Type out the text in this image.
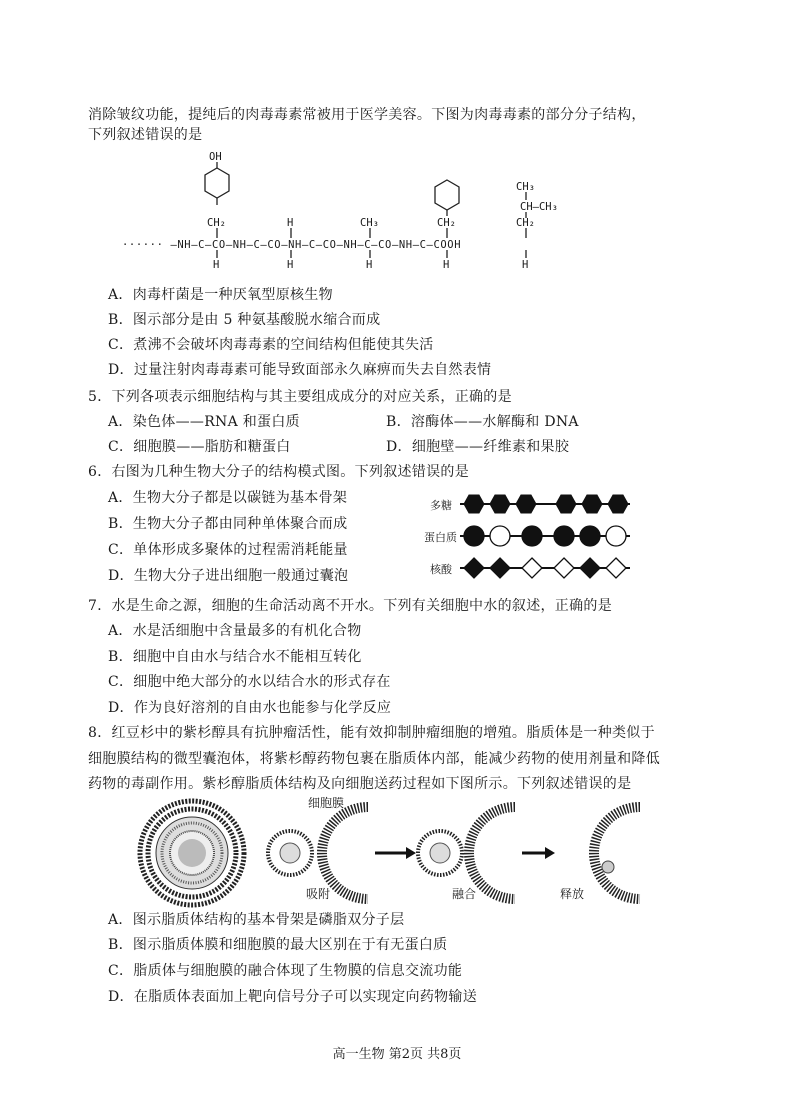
消除皱纹功能，提纯后的肉毒毒素常被用于医学美容。下图为肉毒毒素的部分分子结构，
下列叙述错误的是
OH
CH₂	H	CH₃	CH₂
CH₃
CH—CH₃
CH₂
······ —NH—C—CO—NH—C—CO—NH—C—CO—NH—C—CO—NH—C—COOH
H	H	H	H	H
A．肉毒杆菌是一种厌氧型原核生物
B．图示部分是由 5 种氨基酸脱水缩合而成
C．煮沸不会破坏肉毒毒素的空间结构但能使其失活
D．过量注射肉毒毒素可能导致面部永久麻痹而失去自然表情
5．下列各项表示细胞结构与其主要组成成分的对应关系，正确的是
A．染色体——RNA 和蛋白质	B．溶酶体——水解酶和 DNA
C．细胞膜——脂肪和糖蛋白	D．细胞壁——纤维素和果胶
6．右图为几种生物大分子的结构模式图。下列叙述错误的是
A．生物大分子都是以碳链为基本骨架
B．生物大分子都由同种单体聚合而成
C．单体形成多聚体的过程需消耗能量
D．生物大分子进出细胞一般通过囊泡
多糖
蛋白质
核酸
7．水是生命之源，细胞的生命活动离不开水。下列有关细胞中水的叙述，正确的是
A．水是活细胞中含量最多的有机化合物
B．细胞中自由水与结合水不能相互转化
C．细胞中绝大部分的水以结合水的形式存在
D．作为良好溶剂的自由水也能参与化学反应
8．红豆杉中的紫杉醇具有抗肿瘤活性，能有效抑制肿瘤细胞的增殖。脂质体是一种类似于
细胞膜结构的微型囊泡体，将紫杉醇药物包裹在脂质体内部，能减少药物的使用剂量和降低
药物的毒副作用。紫杉醇脂质体结构及向细胞送药过程如下图所示。下列叙述错误的是
细胞膜
吸附	融合	释放
A．图示脂质体结构的基本骨架是磷脂双分子层
B．图示脂质体膜和细胞膜的最大区别在于有无蛋白质
C．脂质体与细胞膜的融合体现了生物膜的信息交流功能
D．在脂质体表面加上靶向信号分子可以实现定向药物输送
高一生物 第2页 共8页
